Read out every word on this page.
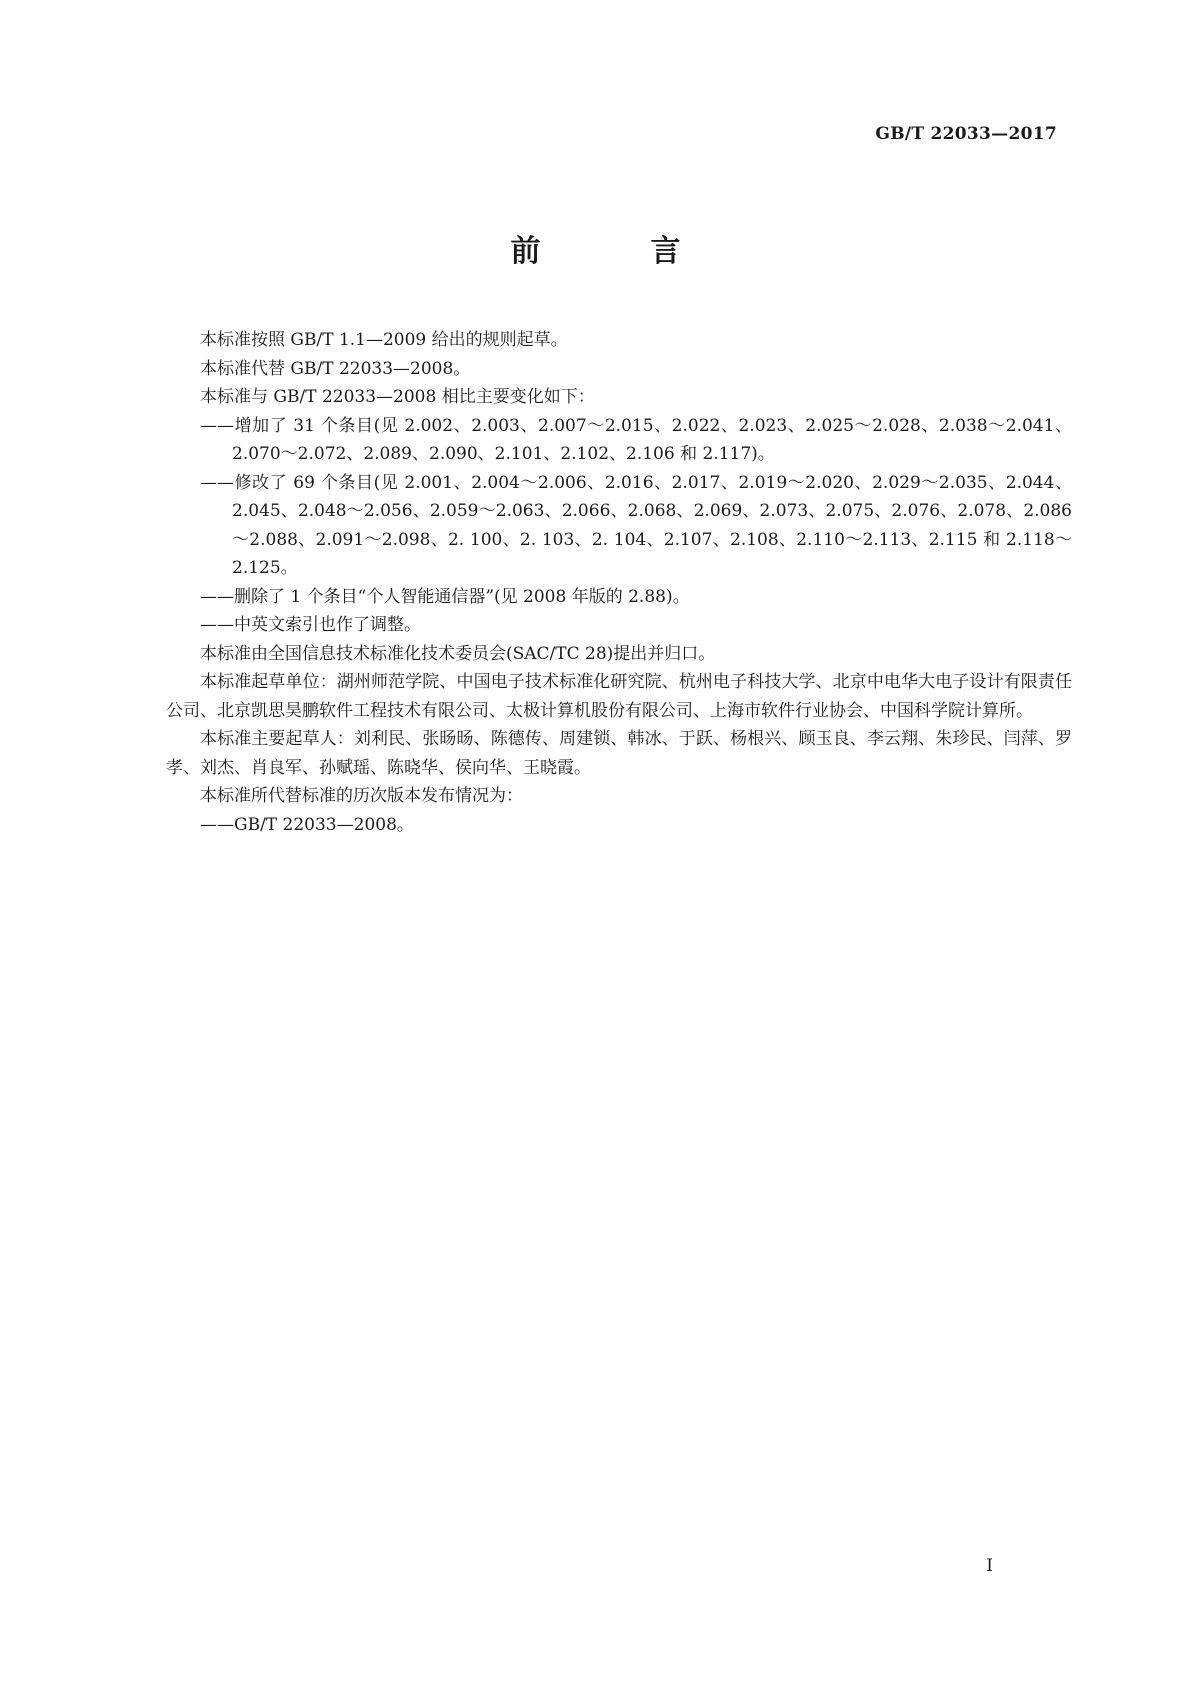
GB/T 22033—2017
前　言

本标准按照 GB/T 1.1—2009 给出的规则起草。

本标准代替 GB/T 22033—2008。

本标准与 GB/T 22033—2008 相比主要变化如下：

——增加了 31 个条目(见 2.002、2.003、2.007～2.015、2.022、2.023、2.025～2.028、2.038～2.041、2.070～2.072、2.089、2.090、2.101、2.102、2.106 和 2.117)。

——修改了 69 个条目(见 2.001、2.004～2.006、2.016、2.017、2.019～2.020、2.029～2.035、2.044、2.045、2.048～2.056、2.059～2.063、2.066、2.068、2.069、2.073、2.075、2.076、2.078、2.086～2.088、2.091～2.098、2. 100、2. 103、2. 104、2.107、2.108、2.110～2.113、2.115 和 2.118～2.125。

——删除了 1 个条目“个人智能通信器”(见 2008 年版的 2.88)。

——中英文索引也作了调整。

本标准由全国信息技术标准化技术委员会(SAC/TC 28)提出并归口。

本标准起草单位：湖州师范学院、中国电子技术标准化研究院、杭州电子科技大学、北京中电华大电子设计有限责任公司、北京凯思昊鹏软件工程技术有限公司、太极计算机股份有限公司、上海市软件行业协会、中国科学院计算所。

本标准主要起草人：刘利民、张旸旸、陈德传、周建锁、韩冰、于跃、杨根兴、顾玉良、李云翔、朱珍民、闫萍、罗孝、刘杰、肖良军、孙赋瑶、陈晓华、侯向华、王晓霞。

本标准所代替标准的历次版本发布情况为：

——GB/T 22033—2008。

I
